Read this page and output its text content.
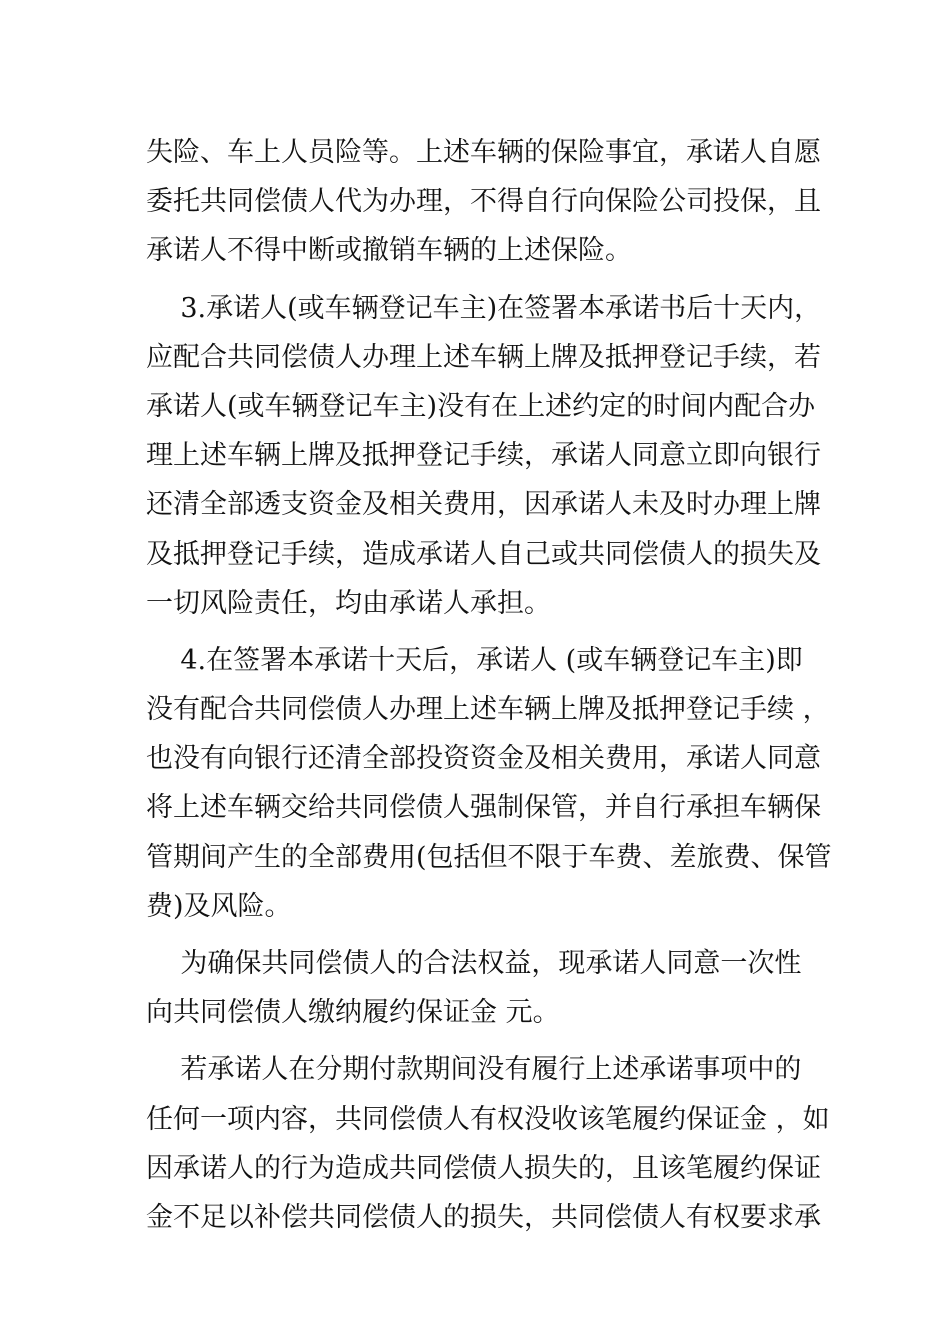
失险、车上人员险等。上述车辆的保险事宜，承诺人自愿
委托共同偿债人代为办理，不得自行向保险公司投保，且
承诺人不得中断或撤销车辆的上述保险。
3.承诺人(或车辆登记车主)在签署本承诺书后十天内，
应配合共同偿债人办理上述车辆上牌及抵押登记手续，若
承诺人(或车辆登记车主)没有在上述约定的时间内配合办
理上述车辆上牌及抵押登记手续，承诺人同意立即向银行
还清全部透支资金及相关费用，因承诺人未及时办理上牌
及抵押登记手续，造成承诺人自己或共同偿债人的损失及
一切风险责任，均由承诺人承担。
4.在签署本承诺十天后，承诺人 (或车辆登记车主)即
没有配合共同偿债人办理上述车辆上牌及抵押登记手续 ，
也没有向银行还清全部投资资金及相关费用，承诺人同意
将上述车辆交给共同偿债人强制保管，并自行承担车辆保
管期间产生的全部费用(包括但不限于车费、差旅费、保管
费)及风险。
为确保共同偿债人的合法权益，现承诺人同意一次性
向共同偿债人缴纳履约保证金 元。
若承诺人在分期付款期间没有履行上述承诺事项中的
任何一项内容，共同偿债人有权没收该笔履约保证金 ，如
因承诺人的行为造成共同偿债人损失的，且该笔履约保证
金不足以补偿共同偿债人的损失，共同偿债人有权要求承
